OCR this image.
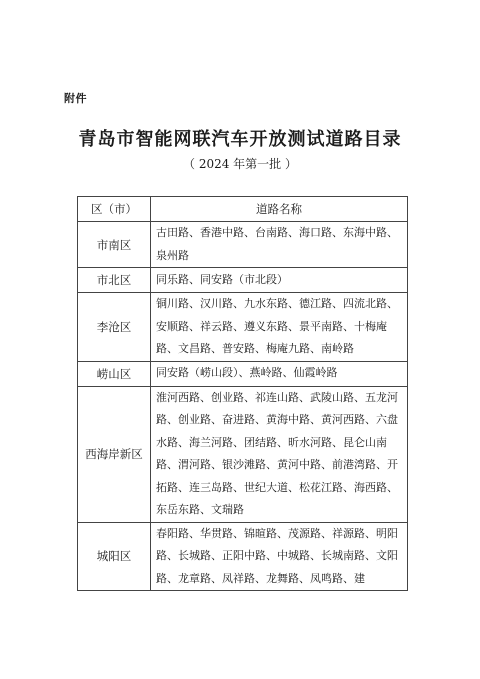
附件
青岛市智能网联汽车开放测试道路目录
（ 2024 年第一批 ）
区（市）	道路名称
市南区	古田路、香港中路、台南路、海口路、东海中路、泉州路
市北区	同乐路、同安路（市北段）
李沧区	铜川路、汉川路、九水东路、德江路、四流北路、安顺路、祥云路、遵义东路、景平南路、十梅庵路、文昌路、普安路、梅庵九路、南岭路
崂山区	同安路（崂山段）、燕岭路、仙霞岭路
西海岸新区	淮河西路、创业路、祁连山路、武陵山路、五龙河路、创业路、奋进路、黄海中路、黄河西路、六盘水路、海兰河路、团结路、昕水河路、昆仑山南路、渭河路、银沙滩路、黄河中路、前港湾路、开拓路、连三岛路、世纪大道、松花江路、海西路、东岳东路、文瑞路
城阳区	春阳路、华贯路、锦暄路、茂源路、祥源路、明阳路、长城路、正阳中路、中城路、长城南路、文阳路、龙章路、凤祥路、龙舞路、凤鸣路、建
